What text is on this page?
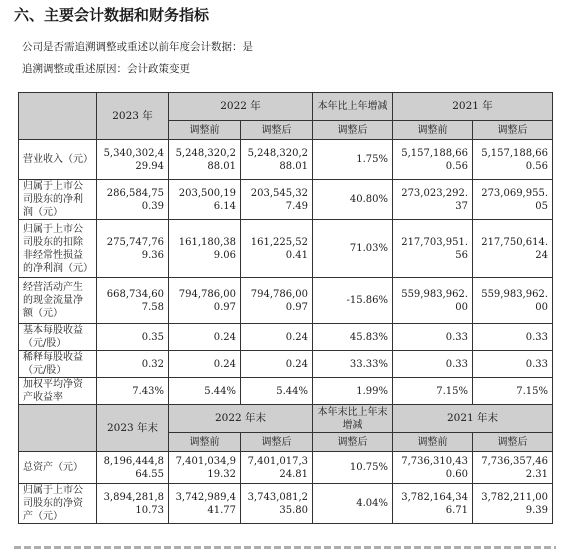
六、主要会计数据和财务指标
公司是否需追溯调整或重述以前年度会计数据：是
追溯调整或重述原因：会计政策变更
	2023 年	2022 年		本年比上年增减	2021 年	
		调整前	调整后	调整后	调整前	调整后
营业收入（元）	5,340,302,429.94	5,248,320,288.01	5,248,320,288.01	1.75%	5,157,188,660.56	5,157,188,660.56
归属于上市公司股东的净利润（元）	286,584,750.39	203,500,196.14	203,545,327.49	40.80%	273,023,292.37	273,069,955.05
归属于上市公司股东的扣除非经常性损益的净利润（元）	275,747,769.36	161,180,389.06	161,225,520.41	71.03%	217,703,951.56	217,750,614.24
经营活动产生的现金流量净额（元）	668,734,607.58	794,786,000.97	794,786,000.97	-15.86%	559,983,962.00	559,983,962.00
基本每股收益（元/股）	0.35	0.24	0.24	45.83%	0.33	0.33
稀释每股收益（元/股）	0.32	0.24	0.24	33.33%	0.33	0.33
加权平均净资产收益率	7.43%	5.44%	5.44%	1.99%	7.15%	7.15%
	2023 年末	2022 年末		本年末比上年末增减	2021 年末	
		调整前	调整后	调整后	调整前	调整后
总资产（元）	8,196,444,864.55	7,401,034,919.32	7,401,017,324.81	10.75%	7,736,310,430.60	7,736,357,462.31
归属于上市公司股东的净资产（元）	3,894,281,810.73	3,742,989,441.77	3,743,081,235.80	4.04%	3,782,164,346.71	3,782,211,009.39
